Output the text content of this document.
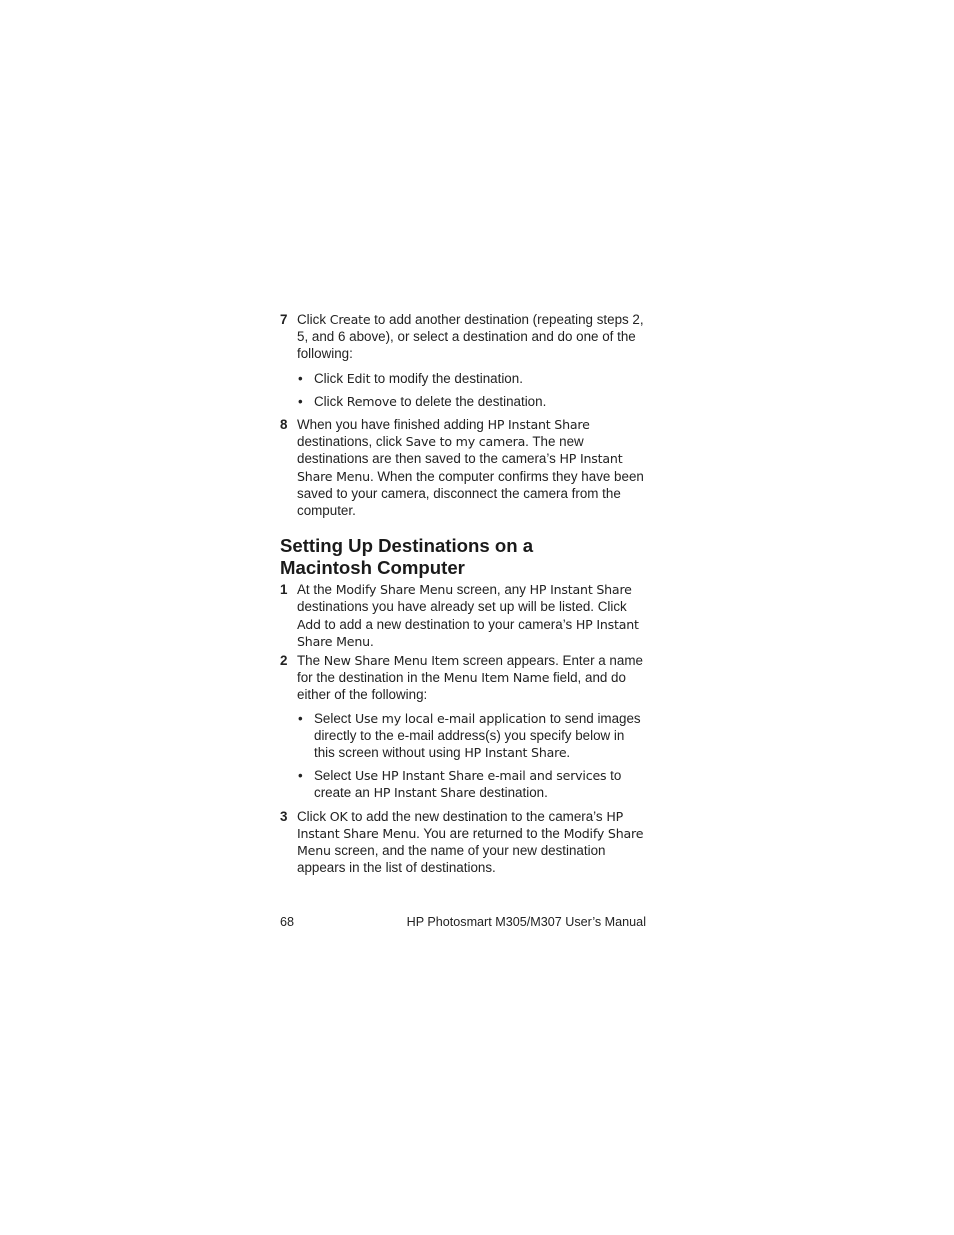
7 Click Create to add another destination (repeating steps 2, 5, and 6 above), or select a destination and do one of the following:
• Click Edit to modify the destination.
• Click Remove to delete the destination.
8 When you have finished adding HP Instant Share destinations, click Save to my camera. The new destinations are then saved to the camera’s HP Instant Share Menu. When the computer confirms they have been saved to your camera, disconnect the camera from the computer.
Setting Up Destinations on a
Macintosh Computer
1 At the Modify Share Menu screen, any HP Instant Share destinations you have already set up will be listed. Click Add to add a new destination to your camera’s HP Instant Share Menu.
2 The New Share Menu Item screen appears. Enter a name for the destination in the Menu Item Name field, and do either of the following:
• Select Use my local e-mail application to send images directly to the e-mail address(s) you specify below in this screen without using HP Instant Share.
• Select Use HP Instant Share e-mail and services to create an HP Instant Share destination.
3 Click OK to add the new destination to the camera’s HP Instant Share Menu. You are returned to the Modify Share Menu screen, and the name of your new destination appears in the list of destinations.
68	HP Photosmart M305/M307 User’s Manual
